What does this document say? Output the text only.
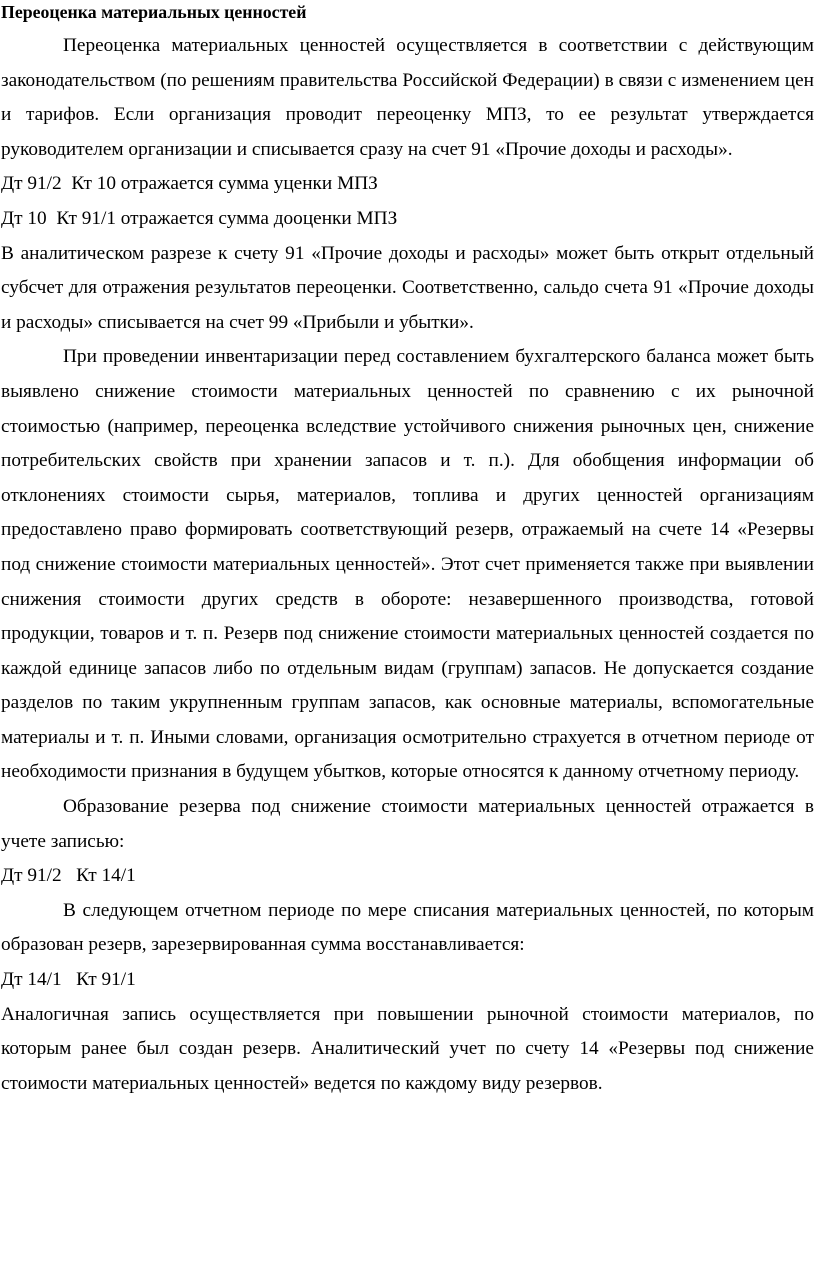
Переоценка материальных ценностей

Переоценка материальных ценностей осуществляется в соответствии с действующим законодательством (по решениям правительства Российской Федерации) в связи с изменением цен и тарифов. Если организация проводит переоценку МПЗ, то ее результат утверждается руководителем организации и списывается сразу на счет 91 «Прочие доходы и расходы».

Дт 91/2  Кт 10 отражается сумма уценки МПЗ

Дт 10  Кт 91/1 отражается сумма дооценки МПЗ

В аналитическом разрезе к счету 91 «Прочие доходы и расходы» может быть открыт отдельный субсчет для отражения результатов переоценки. Соответственно, сальдо счета 91 «Прочие доходы и расходы» списывается на счет 99 «Прибыли и убытки».

При проведении инвентаризации перед составлением бухгалтерского баланса может быть выявлено снижение стоимости материальных ценностей по сравнению с их рыночной стоимостью (например, переоценка вследствие устойчивого снижения рыночных цен, снижение потребительских свойств при хранении запасов и т. п.). Для обобщения информации об отклонениях стоимости сырья, материалов, топлива и других ценностей организациям предоставлено право формировать соответствующий резерв, отражаемый на счете 14 «Резервы под снижение стоимости материальных ценностей». Этот счет применяется также при выявлении снижения стоимости других средств в обороте: незавершенного производства, готовой продукции, товаров и т. п. Резерв под снижение стоимости материальных ценностей создается по каждой единице запасов либо по отдельным видам (группам) запасов. Не допускается создание разделов по таким укрупненным группам запасов, как основные материалы, вспомогательные материалы и т. п. Иными словами, организация осмотрительно страхуется в отчетном периоде от необходимости признания в будущем убытков, которые относятся к данному отчетному периоду.

Образование резерва под снижение стоимости материальных ценностей отражается в учете записью:

Дт 91/2   Кт 14/1

В следующем отчетном периоде по мере списания материальных ценностей, по которым образован резерв, зарезервированная сумма восстанавливается:

Дт 14/1   Кт 91/1

Аналогичная запись осуществляется при повышении рыночной стоимости материалов, по которым ранее был создан резерв. Аналитический учет по счету 14 «Резервы под снижение стоимости материальных ценностей» ведется по каждому виду резервов.
